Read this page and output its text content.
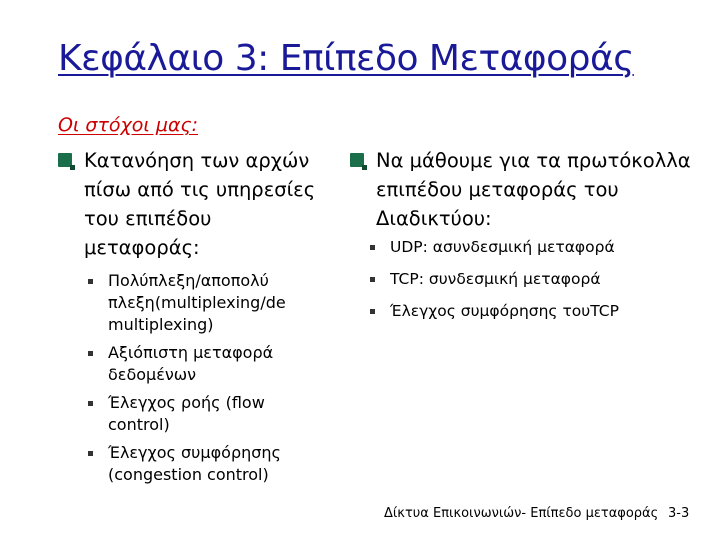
Κεφάλαιο 3: Επίπεδο Μεταφοράς
Οι στόχοι μας:
Κατανόηση των αρχών πίσω από τις υπηρεσίες του επιπέδου μεταφοράς:
Πολύπλεξη/αποπολύ πλεξη(multiplexing/de multiplexing)
Αξιόπιστη μεταφορά δεδομένων
Έλεγχος ροής (flow control)
Έλεγχος συμφόρησης (congestion control)
Να μάθουμε για τα πρωτόκολλα επιπέδου μεταφοράς του Διαδικτύου:
UDP: ασυνδεσμική μεταφορά
TCP: συνδεσμική μεταφορά
Έλεγχος συμφόρησης τουTCP
Δίκτυα Επικοινωνιών- Επίπεδο μεταφοράς 3-3
